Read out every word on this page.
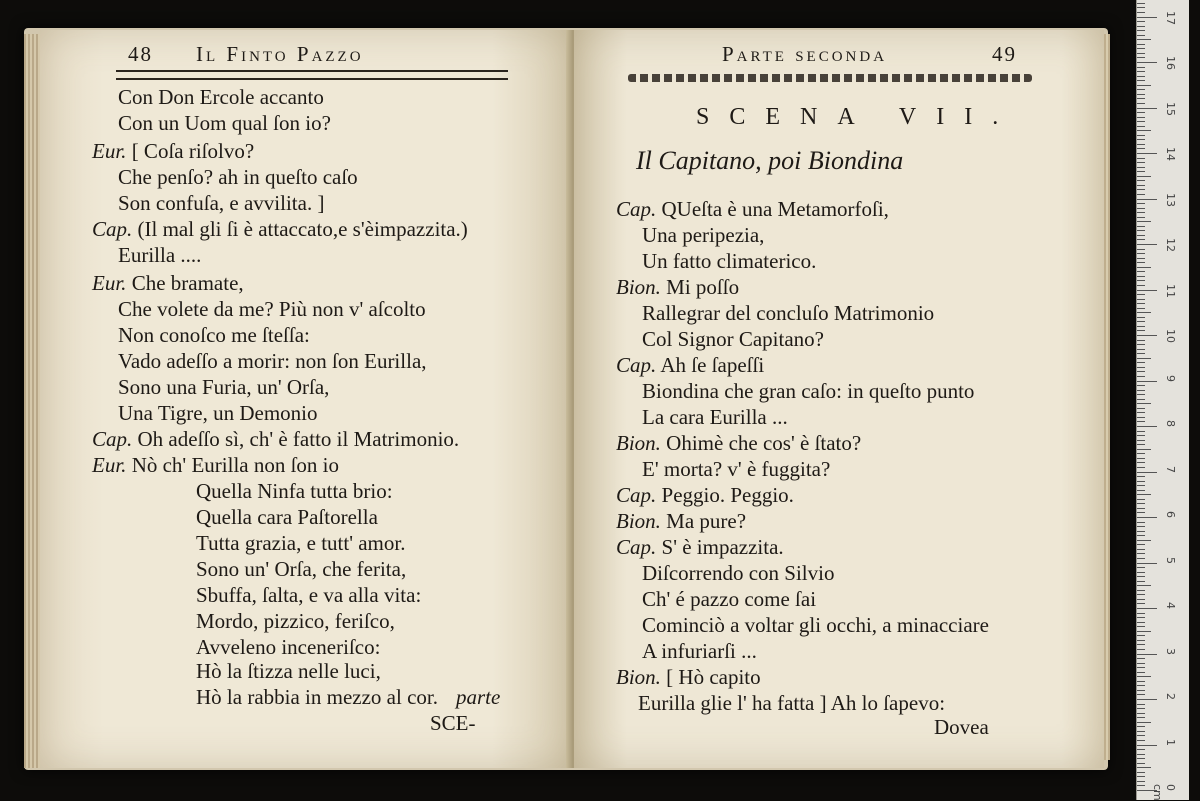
48 Il Finto Pazzo
Con Don Ercole accanto
Con un Uom qual ſon io?
Eur. [ Coſa riſolvo?
Che penſo? ah in queſto caſo
Son confuſa, e avvilita. ]
Cap. (Il mal gli ſi è attaccato,e s'èimpazzita.)
Eurilla ....
Eur. Che bramate,
Che volete da me? Più non v' aſcolto
Non conoſco me ſteſſa:
Vado adeſſo a morir: non ſon Eurilla,
Sono una Furia, un' Orſa,
Una Tigre, un Demonio
Cap. Oh adeſſo sì, ch' è fatto il Matrimonio.
Eur. Nò ch' Eurilla non ſon io
Quella Ninfa tutta brio:
Quella cara Paſtorella
Tutta grazia, e tutt' amor.
Sono un' Orſa, che ferita,
Sbuffa, ſalta, e va alla vita:
Mordo, pizzico, feriſco,
Avveleno inceneriſco:
Hò la ſtizza nelle luci,
Hò la rabbia in mezzo al cor. parte
SCE-
Parte seconda	49
SCENA VII.
Il Capitano, poi Biondina
Cap. QUeſta è una Metamorfoſi,
Una peripezia,
Un fatto climaterico.
Bion. Mi poſſo
Rallegrar del concluſo Matrimonio
Col Signor Capitano?
Cap. Ah ſe ſapeſſi
Biondina che gran caſo: in queſto punto
La cara Eurilla ...
Bion. Ohimè che cos' è ſtato?
E' morta? v' è fuggita?
Cap. Peggio. Peggio.
Bion. Ma pure?
Cap. S' è impazzita.
Diſcorrendo con Silvio
Ch' é pazzo come ſai
Cominciò a voltar gli occhi, a minacciare
A infuriarſi ...
Bion. [ Hò capito
Eurilla glie l' ha fatta ] Ah lo ſapevo:
Dovea
0 cm
1
2
3
4
5
6
7
8
9
10
11
12
13
14
15
16
17
